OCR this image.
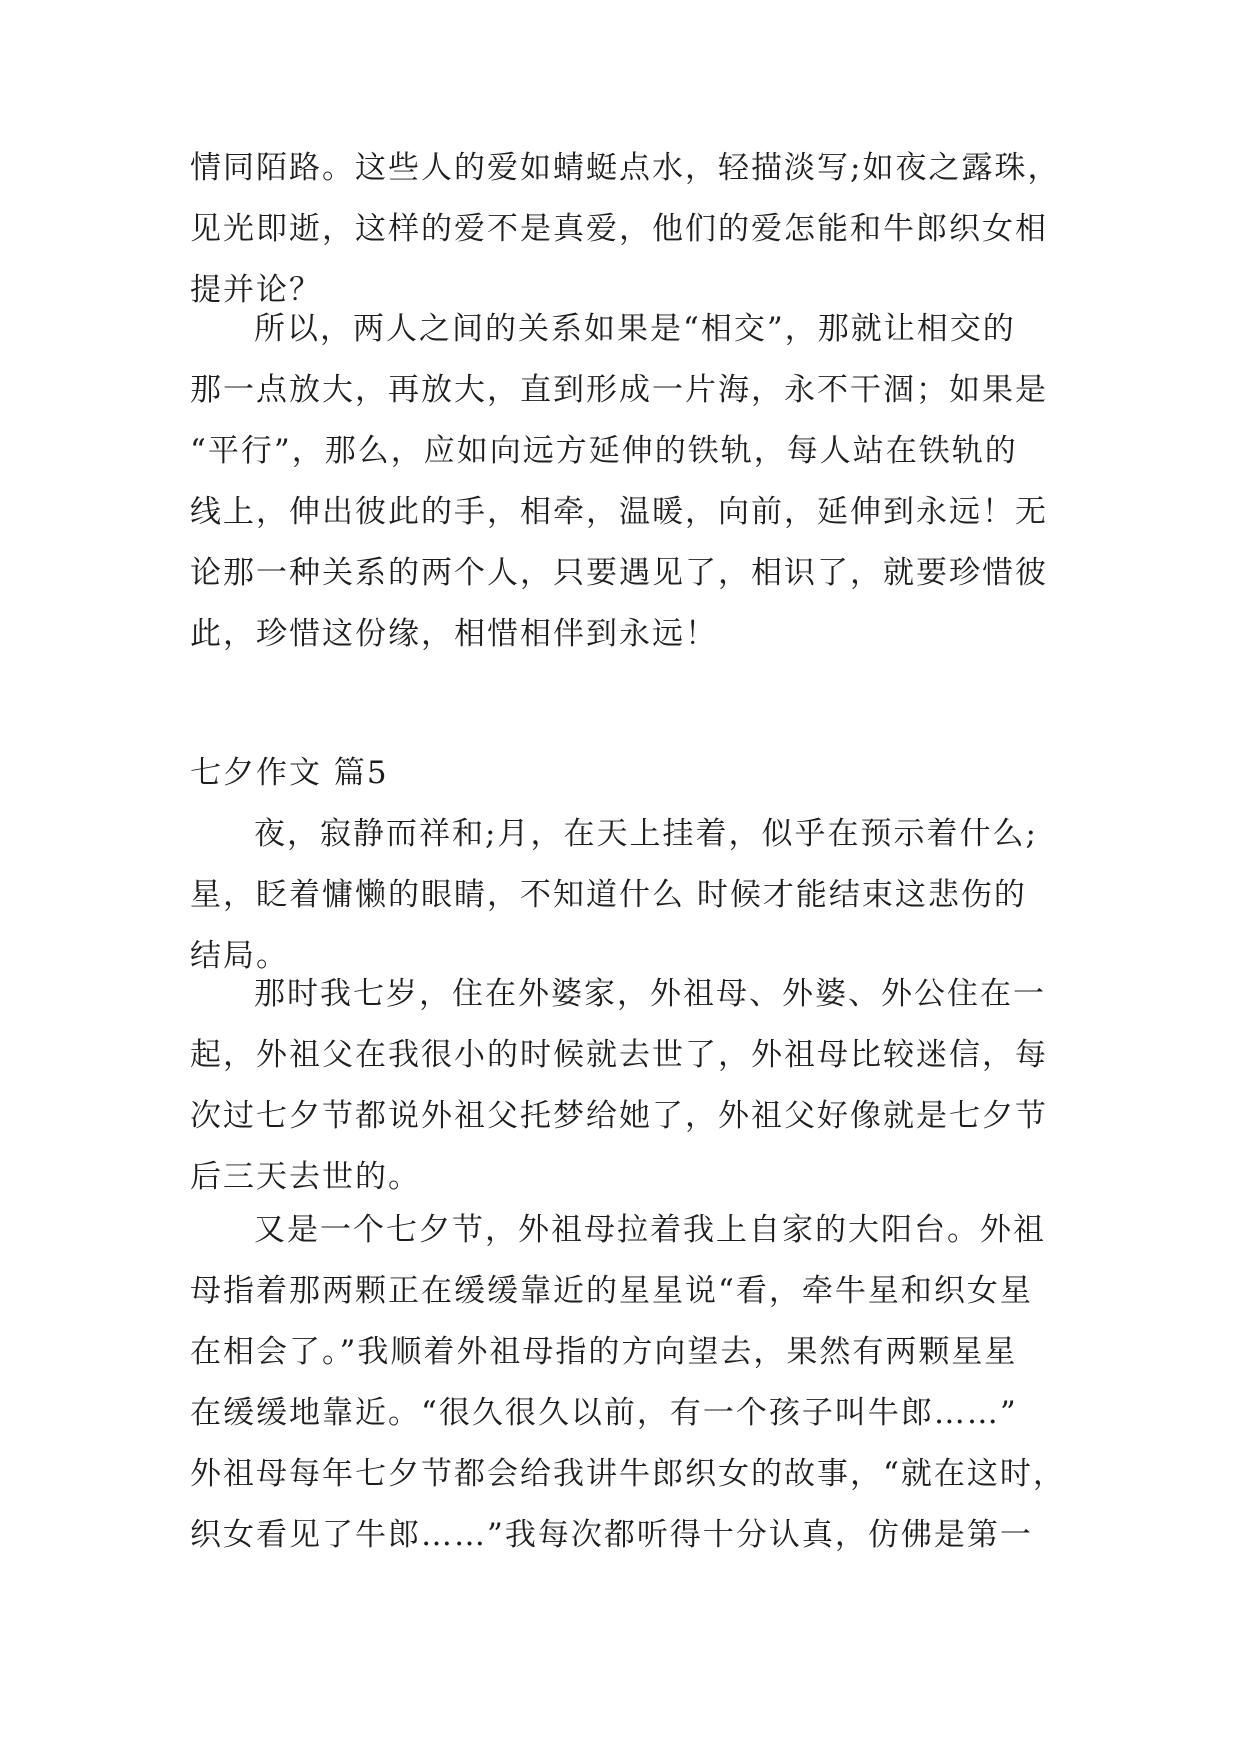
情同陌路。这些人的爱如蜻蜓点水，轻描淡写;如夜之露珠，
见光即逝，这样的爱不是真爱，他们的爱怎能和牛郎织女相
提并论？
所以，两人之间的关系如果是“相交”，那就让相交的
那一点放大，再放大，直到形成一片海，永不干涸；如果是
“平行”，那么，应如向远方延伸的铁轨，每人站在铁轨的
线上，伸出彼此的手，相牵，温暖，向前，延伸到永远！无
论那一种关系的两个人，只要遇见了，相识了，就要珍惜彼
此，珍惜这份缘，相惜相伴到永远！
七夕作文 篇5
夜，寂静而祥和;月，在天上挂着，似乎在预示着什么;
星，眨着慵懒的眼睛，不知道什么 时候才能结束这悲伤的
结局。
那时我七岁，住在外婆家，外祖母、外婆、外公住在一
起，外祖父在我很小的时候就去世了，外祖母比较迷信，每
次过七夕节都说外祖父托梦给她了，外祖父好像就是七夕节
后三天去世的。
又是一个七夕节，外祖母拉着我上自家的大阳台。外祖
母指着那两颗正在缓缓靠近的星星说“看，牵牛星和织女星
在相会了。”我顺着外祖母指的方向望去，果然有两颗星星
在缓缓地靠近。“很久很久以前，有一个孩子叫牛郎……”
外祖母每年七夕节都会给我讲牛郎织女的故事，“就在这时，
织女看见了牛郎……”我每次都听得十分认真，仿佛是第一
